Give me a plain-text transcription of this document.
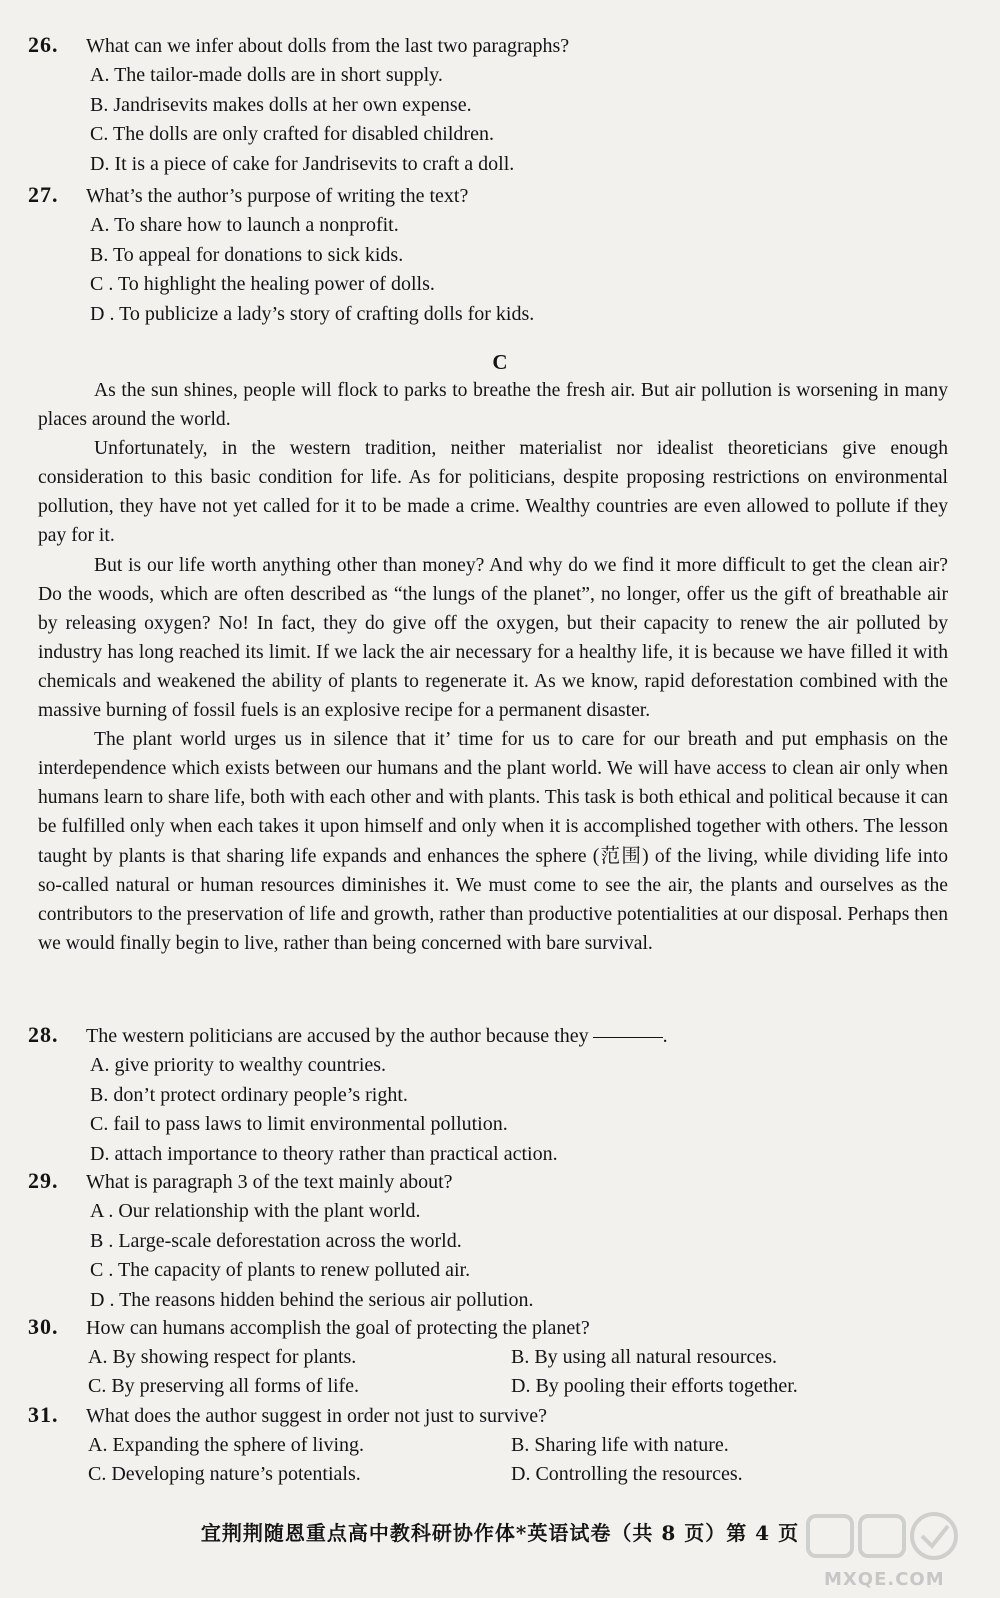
26.	What can we infer about dolls from the last two paragraphs?
A. The tailor-made dolls are in short supply.
B. Jandrisevits makes dolls at her own expense.
C. The dolls are only crafted for disabled children.
D. It is a piece of cake for Jandrisevits to craft a doll.
27.	What’s the author’s purpose of writing the text?
A. To share how to launch a nonprofit.
B. To appeal for donations to sick kids.
C . To highlight the healing power of dolls.
D . To publicize a lady’s story of crafting dolls for kids.
C

As the sun shines, people will flock to parks to breathe the fresh air. But air pollution is worsening in many places around the world.

Unfortunately, in the western tradition, neither materialist nor idealist theoreticians give enough consideration to this basic condition for life. As for politicians, despite proposing restrictions on environmental pollution, they have not yet called for it to be made a crime. Wealthy countries are even allowed to pollute if they pay for it.

But is our life worth anything other than money? And why do we find it more difficult to get the clean air? Do the woods, which are often described as “the lungs of the planet”, no longer, offer us the gift of breathable air by releasing oxygen? No! In fact, they do give off the oxygen, but their capacity to renew the air polluted by industry has long reached its limit. If we lack the air necessary for a healthy life, it is because we have filled it with chemicals and weakened the ability of plants to regenerate it. As we know, rapid deforestation combined with the massive burning of fossil fuels is an explosive recipe for a permanent disaster.

The plant world urges us in silence that it’ time for us to care for our breath and put emphasis on the interdependence which exists between our humans and the plant world. We will have access to clean air only when humans learn to share life, both with each other and with plants. This task is both ethical and political because it can be fulfilled only when each takes it upon himself and only when it is accomplished together with others. The lesson taught by plants is that sharing life expands and enhances the sphere (范围) of the living, while dividing life into so-called natural or human resources diminishes it. We must come to see the air, the plants and ourselves as the contributors to the preservation of life and growth, rather than productive potentialities at our disposal. Perhaps then we would finally begin to live, rather than being concerned with bare survival.

28.	The western politicians are accused by the author because they	.
A. give priority to wealthy countries.
B. don’t protect ordinary people’s right.
C. fail to pass laws to limit environmental pollution.
D. attach importance to theory rather than practical action.
29.	What is paragraph 3 of the text mainly about?
A . Our relationship with the plant world.
B . Large-scale deforestation across the world.
C . The capacity of plants to renew polluted air.
D . The reasons hidden behind the serious air pollution.
30.	How can humans accomplish the goal of protecting the planet?
A. By showing respect for plants.	B. By using all natural resources.
C. By preserving all forms of life.	D. By pooling their efforts together.
31.	What does the author suggest in order not just to survive?
A. Expanding the sphere of living.	B. Sharing life with nature.
C. Developing nature’s potentials.	D. Controlling the resources.
宜荆荆随恩重点高中教科研协作体*英语试卷（共 8 页）第 4 页
MXQE.COM
